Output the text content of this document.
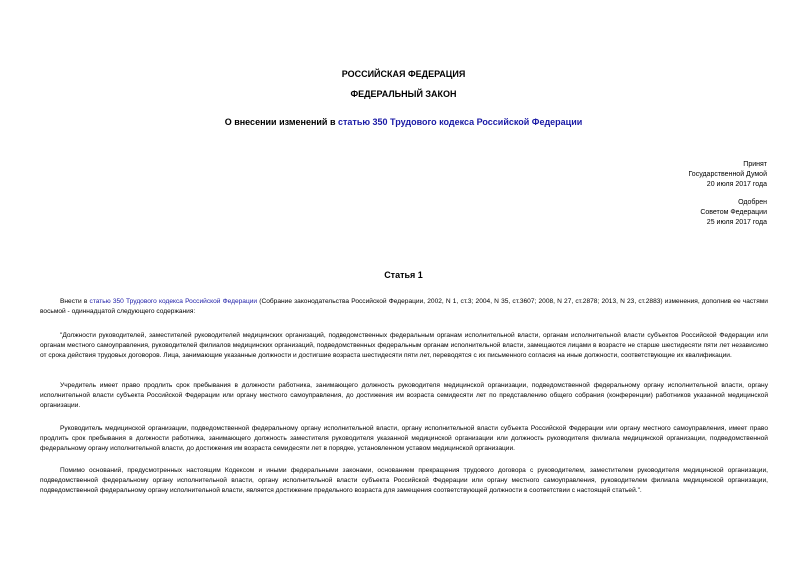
РОССИЙСКАЯ ФЕДЕРАЦИЯ
ФЕДЕРАЛЬНЫЙ ЗАКОН
О внесении изменений в статью 350 Трудового кодекса Российской Федерации
Принят
Государственной Думой
20 июля 2017 года
Одобрен
Советом Федерации
25 июля 2017 года
Статья 1

Внести в статью 350 Трудового кодекса Российской Федерации (Собрание законодательства Российской Федерации, 2002, N 1, ст.3; 2004, N 35, ст.3607; 2008, N 27, ст.2878; 2013, N 23, ст.2883) изменения, дополнив ее частями восьмой - одиннадцатой следующего содержания:

"Должности руководителей, заместителей руководителей медицинских организаций, подведомственных федеральным органам исполнительной власти, органам исполнительной власти субъектов Российской Федерации или органам местного самоуправления, руководителей филиалов медицинских организаций, подведомственных федеральным органам исполнительной власти, замещаются лицами в возрасте не старше шестидесяти пяти лет независимо от срока действия трудовых договоров. Лица, занимающие указанные должности и достигшие возраста шестидесяти пяти лет, переводятся с их письменного согласия на иные должности, соответствующие их квалификации.

Учредитель имеет право продлить срок пребывания в должности работника, занимающего должность руководителя медицинской организации, подведомственной федеральному органу исполнительной власти, органу исполнительной власти субъекта Российской Федерации или органу местного самоуправления, до достижения им возраста семидесяти лет по представлению общего собрания (конференции) работников указанной медицинской организации.

Руководитель медицинской организации, подведомственной федеральному органу исполнительной власти, органу исполнительной власти субъекта Российской Федерации или органу местного самоуправления, имеет право продлить срок пребывания в должности работника, занимающего должность заместителя руководителя указанной медицинской организации или должность руководителя филиала медицинской организации, подведомственной федеральному органу исполнительной власти, до достижения им возраста семидесяти лет в порядке, установленном уставом медицинской организации.

Помимо оснований, предусмотренных настоящим Кодексом и иными федеральными законами, основанием прекращения трудового договора с руководителем, заместителем руководителя медицинской организации, подведомственной федеральному органу исполнительной власти, органу исполнительной власти субъекта Российской Федерации или органу местного самоуправления, руководителем филиала медицинской организации, подведомственной федеральному органу исполнительной власти, является достижение предельного возраста для замещения соответствующей должности в соответствии с настоящей статьей.".
